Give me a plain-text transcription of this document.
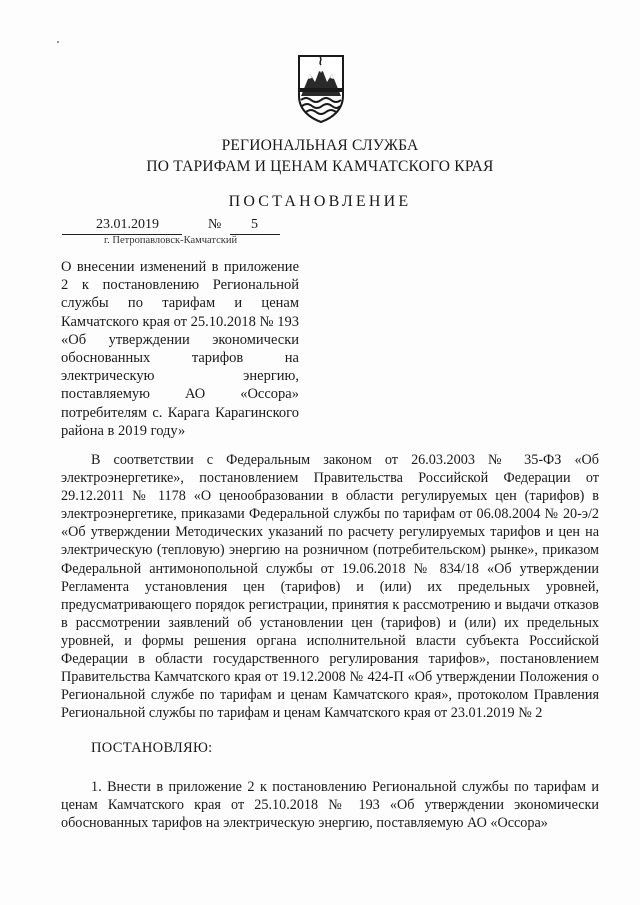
РЕГИОНАЛЬНАЯ СЛУЖБА
ПО ТАРИФАМ И ЦЕНАМ КАМЧАТСКОГО КРАЯ
ПОСТАНОВЛЕНИЕ
23.01.2019	№ 5
г. Петропавловск-Камчатский
О внесении изменений в приложение 2 к постановлению Региональной службы по тарифам и ценам Камчатского края от 25.10.2018 № 193 «Об утверждении экономически обоснованных тарифов на электрическую энергию, поставляемую АО «Оссора» потребителям с. Карага Карагинского района в 2019 году»
В соответствии с Федеральным законом от 26.03.2003 № 35-ФЗ «Об электроэнергетике», постановлением Правительства Российской Федерации от 29.12.2011 № 1178 «О ценообразовании в области регулируемых цен (тарифов) в электроэнергетике, приказами Федеральной службы по тарифам от 06.08.2004 № 20-э/2 «Об утверждении Методических указаний по расчету регулируемых тарифов и цен на электрическую (тепловую) энергию на розничном (потребительском) рынке», приказом Федеральной антимонопольной службы от 19.06.2018 № 834/18 «Об утверждении Регламента установления цен (тарифов) и (или) их предельных уровней, предусматривающего порядок регистрации, принятия к рассмотрению и выдачи отказов в рассмотрении заявлений об установлении цен (тарифов) и (или) их предельных уровней, и формы решения органа исполнительной власти субъекта Российской Федерации в области государственного регулирования тарифов», постановлением Правительства Камчатского края от 19.12.2008 № 424-П «Об утверждении Положения о Региональной службе по тарифам и ценам Камчатского края», протоколом Правления Региональной службы по тарифам и ценам Камчатского края от 23.01.2019 № 2
ПОСТАНОВЛЯЮ:
1. Внести в приложение 2 к постановлению Региональной службы по тарифам и ценам Камчатского края от 25.10.2018 № 193 «Об утверждении экономически обоснованных тарифов на электрическую энергию, поставляемую АО «Оссора»
